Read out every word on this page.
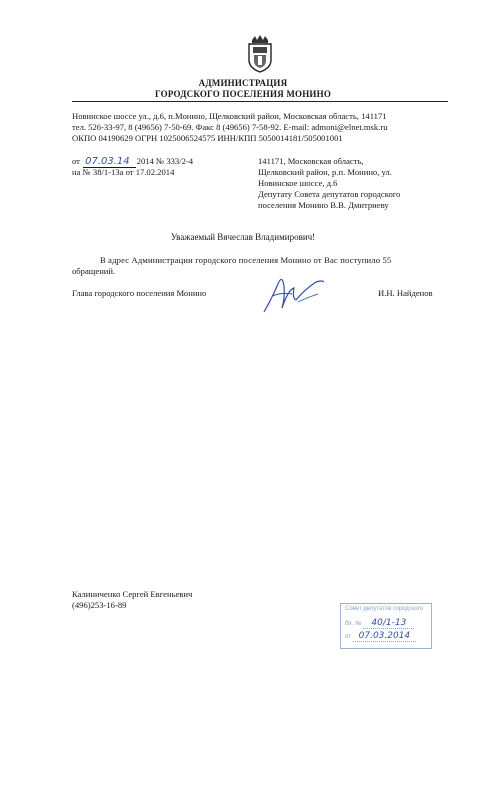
АДМИНИСТРАЦИЯ
ГОРОДСКОГО ПОСЕЛЕНИЯ МОНИНО
Новинское шоссе ул., д.6, п.Монино, Щелковский район, Московская область, 141171
тел. 526-33-97, 8 (49656) 7-50-69. Факс 8 (49656) 7-58-92. E-mail: admoni@elnet.msk.ru
ОКПО 04190629 ОГРН 1025006524575 ИНН/КПП 5050014181/505001001
от 07.03.14 2014 № 333/2-4
на № 38/1-13а от 17.02.2014
141171, Московская область,
Щелковский район, р.п. Монино, ул.
Новинское шоссе, д.6
Депутату Совета депутатов городского
поселения Монино В.В. Дмитриеву
Уважаемый Вячеслав Владимирович!
В адрес Администрации городского поселения Монино от Вас поступило 55
обращений.
Глава городского поселения Монино	И.Н. Найденов
Калиниченко Сергей Евгеньевич
(496)253-16-89	Совет депутатов городского
Вх. № 40/1-13
от 07.03.2014
